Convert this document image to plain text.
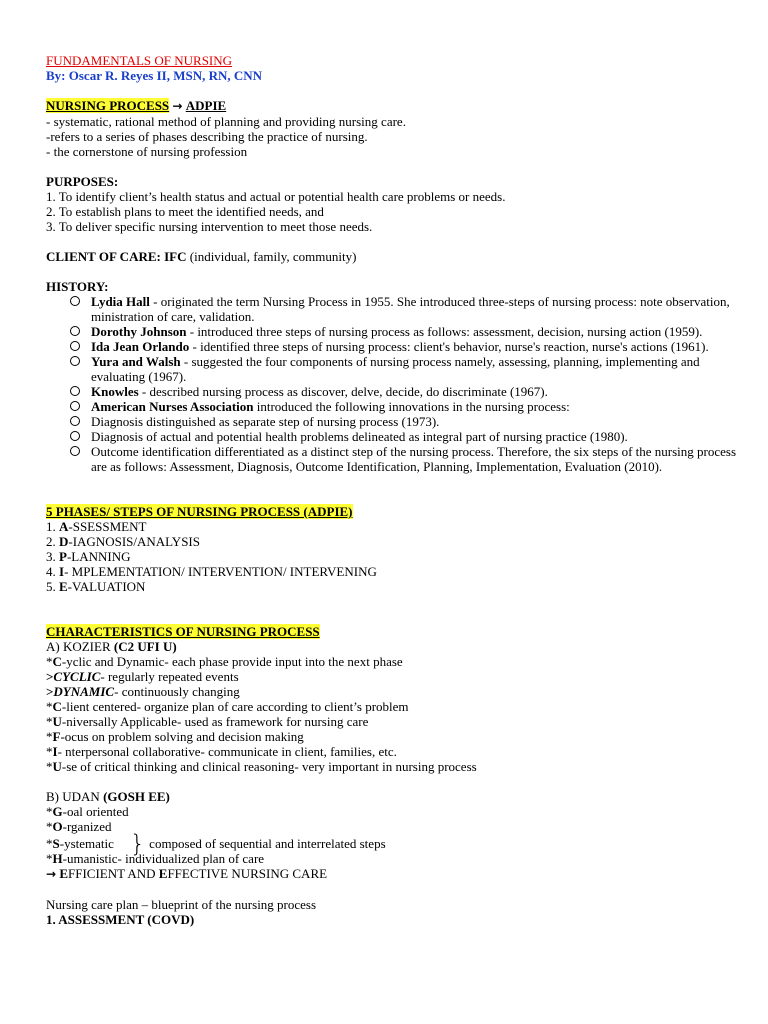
FUNDAMENTALS OF NURSING
By: Oscar R. Reyes II, MSN, RN, CNN
NURSING PROCESS → ADPIE
- systematic, rational method of planning and providing nursing care.
-refers to a series of phases describing the practice of nursing.
- the cornerstone of nursing profession
PURPOSES:
1. To identify client’s health status and actual or potential health care problems or needs.
2. To establish plans to meet the identified needs, and
3. To deliver specific nursing intervention to meet those needs.
CLIENT OF CARE: IFC (individual, family, community)
HISTORY:
Lydia Hall - originated the term Nursing Process in 1955. She introduced three-steps of nursing process: note observation, ministration of care, validation.
Dorothy Johnson - introduced three steps of nursing process as follows: assessment, decision, nursing action (1959).
Ida Jean Orlando - identified three steps of nursing process: client's behavior, nurse's reaction, nurse's actions (1961).
Yura and Walsh - suggested the four components of nursing process namely, assessing, planning, implementing and evaluating (1967).
Knowles - described nursing process as discover, delve, decide, do discriminate (1967).
American Nurses Association introduced the following innovations in the nursing process:
Diagnosis distinguished as separate step of nursing process (1973).
Diagnosis of actual and potential health problems delineated as integral part of nursing practice (1980).
Outcome identification differentiated as a distinct step of the nursing process. Therefore, the six steps of the nursing process are as follows: Assessment, Diagnosis, Outcome Identification, Planning, Implementation, Evaluation (2010).
5 PHASES/ STEPS OF NURSING PROCESS (ADPIE)
1. A-SSESSMENT
2. D-IAGNOSIS/ANALYSIS
3. P-LANNING
4. I- MPLEMENTATION/ INTERVENTION/ INTERVENING
5. E-VALUATION
CHARACTERISTICS OF NURSING PROCESS
A) KOZIER (C2 UFI U)
*C-yclic and Dynamic- each phase provide input into the next phase
>CYCLIC- regularly repeated events
>DYNAMIC- continuously changing
*C-lient centered- organize plan of care according to client’s problem
*U-niversally Applicable- used as framework for nursing care
*F-ocus on problem solving and decision making
*I- nterpersonal collaborative- communicate in client, families, etc.
*U-se of critical thinking and clinical reasoning- very important in nursing process
B) UDAN (GOSH EE)
*G-oal oriented
*O-rganized
*S-ystematic } composed of sequential and interrelated steps
*H-umanistic- individualized plan of care
→ EFFICIENT AND EFFECTIVE NURSING CARE
Nursing care plan – blueprint of the nursing process
1. ASSESSMENT (COVD)
